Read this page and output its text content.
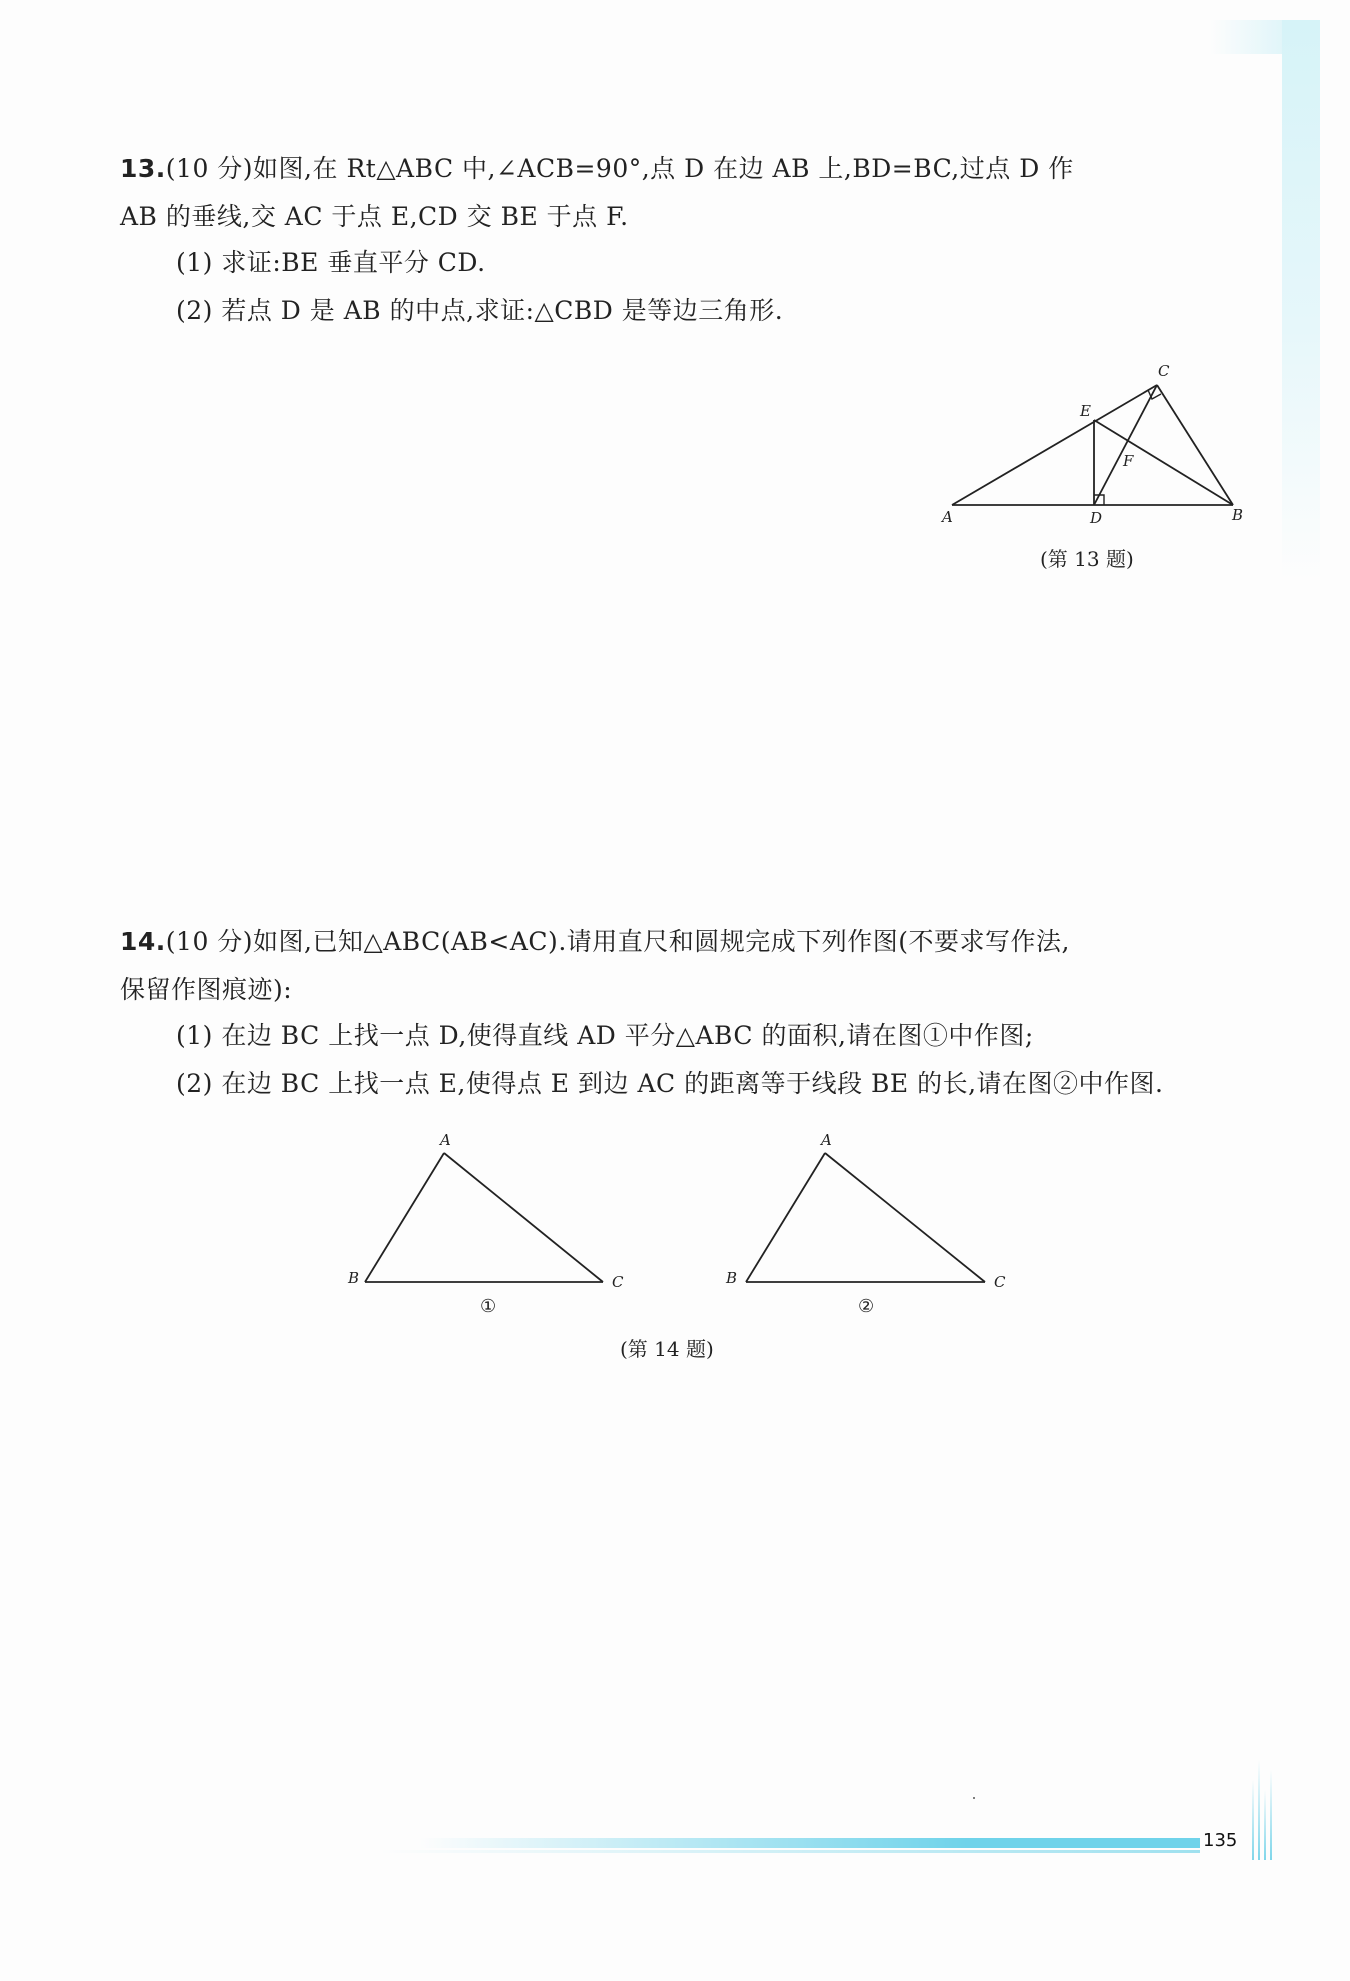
13.(10 分)如图,在 Rt△ABC 中,∠ACB=90°,点 D 在边 AB 上,BD=BC,过点 D 作
AB 的垂线,交 AC 于点 E,CD 交 BE 于点 F.
(1) 求证:BE 垂直平分 CD.
(2) 若点 D 是 AB 的中点,求证:△CBD 是等边三角形.
A	D	B
C
E
F
(第 13 题)
14.(10 分)如图,已知△ABC(AB<AC).请用直尺和圆规完成下列作图(不要求写作法,
保留作图痕迹):
(1) 在边 BC 上找一点 D,使得直线 AD 平分△ABC 的面积,请在图①中作图;
(2) 在边 BC 上找一点 E,使得点 E 到边 AC 的距离等于线段 BE 的长,请在图②中作图.
A
B	C
①
A
B	C
②
(第 14 题)
135
